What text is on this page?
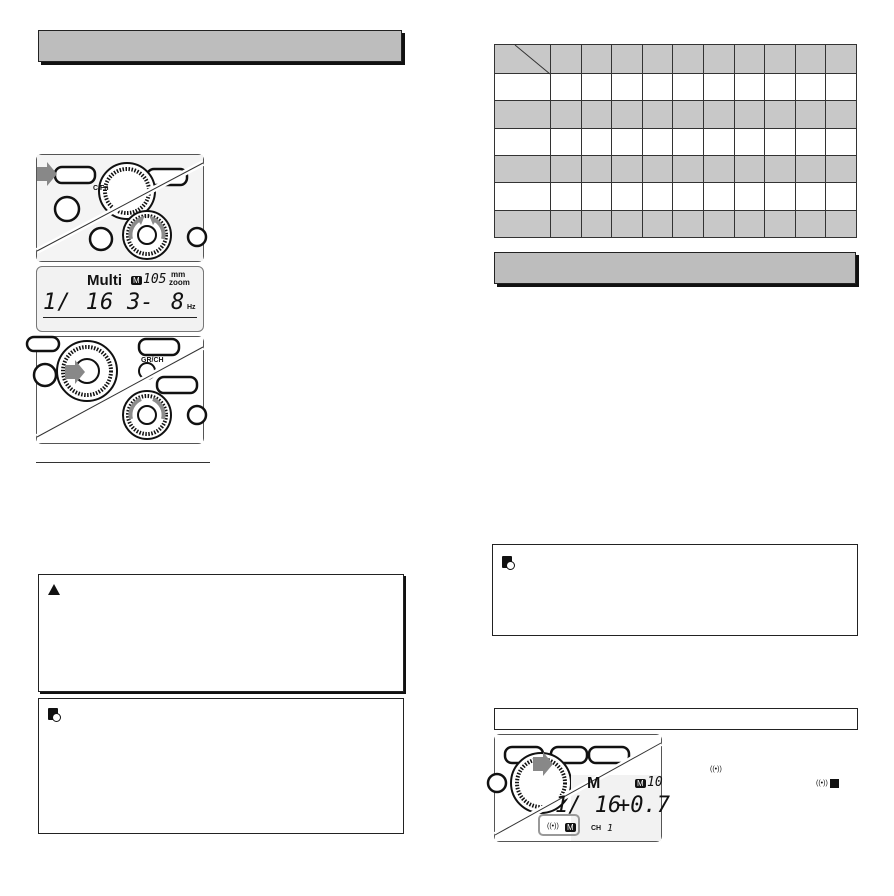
C.Fn
Multi M 105 mm
zoom
1/ 16 3- 8 Hz
GR/CH

M	M 10
1/ 16
+0.7
CH 1
((•)) M
((•))
((•))
